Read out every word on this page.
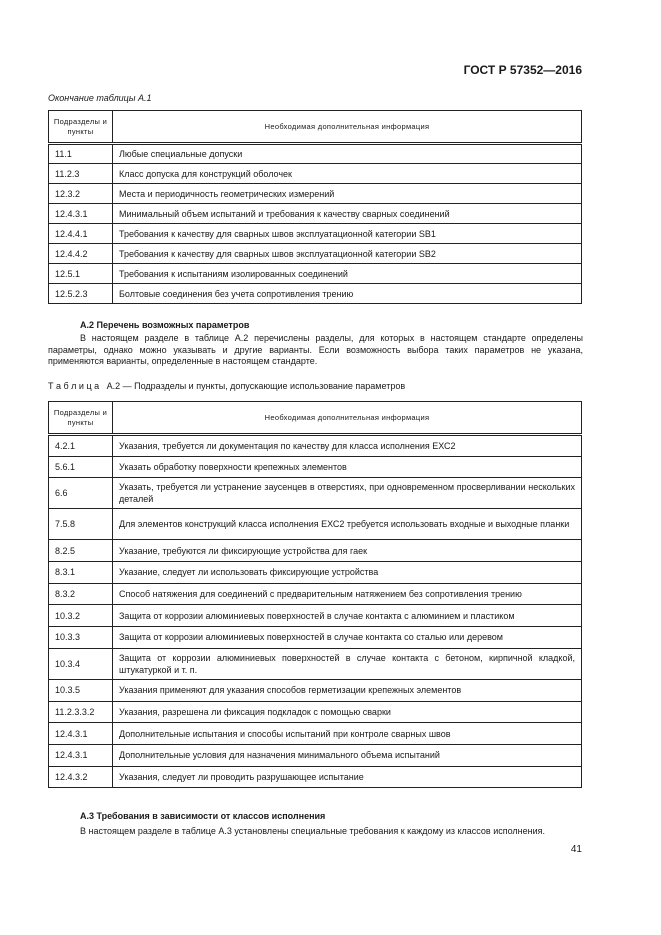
ГОСТ Р 57352—2016
Окончание таблицы А.1
Подразделы и пункты	Необходимая дополнительная информация
11.1	Любые специальные допуски
11.2.3	Класс допуска для конструкций оболочек
12.3.2	Места и периодичность геометрических измерений
12.4.3.1	Минимальный объем испытаний и требования к качеству сварных соединений
12.4.4.1	Требования к качеству для сварных швов эксплуатационной категории SB1
12.4.4.2	Требования к качеству для сварных швов эксплуатационной категории SB2
12.5.1	Требования к испытаниям изолированных соединений
12.5.2.3	Болтовые соединения без учета сопротивления трению
А.2 Перечень возможных параметров
В настоящем разделе в таблице А.2 перечислены разделы, для которых в настоящем стандарте определены параметры, однако можно указывать и другие варианты. Если возможность выбора таких параметров не указана, применяются варианты, определенные в настоящем стандарте.
Т а б л и ц а А.2 — Подразделы и пункты, допускающие использование параметров
Подразделы и пункты	Необходимая дополнительная информация
4.2.1	Указания, требуется ли документация по качеству для класса исполнения ЕХС2
5.6.1	Указать обработку поверхности крепежных элементов
6.6	Указать, требуется ли устранение заусенцев в отверстиях, при одновременном просверливании нескольких деталей
7.5.8	Для элементов конструкций класса исполнения ЕХС2 требуется использовать входные и выходные планки
8.2.5	Указание, требуются ли фиксирующие устройства для гаек
8.3.1	Указание, следует ли использовать фиксирующие устройства
8.3.2	Способ натяжения для соединений с предварительным натяжением без сопротивления трению
10.3.2	Защита от коррозии алюминиевых поверхностей в случае контакта с алюминием и пластиком
10.3.3	Защита от коррозии алюминиевых поверхностей в случае контакта со сталью или деревом
10.3.4	Защита от коррозии алюминиевых поверхностей в случае контакта с бетоном, кирпичной кладкой, штукатуркой и т. п.
10.3.5	Указания применяют для указания способов герметизации крепежных элементов
11.2.3.3.2	Указания, разрешена ли фиксация подкладок с помощью сварки
12.4.3.1	Дополнительные испытания и способы испытаний при контроле сварных швов
12.4.3.1	Дополнительные условия для назначения минимального объема испытаний
12.4.3.2	Указания, следует ли проводить разрушающее испытание
А.3 Требования в зависимости от классов исполнения
В настоящем разделе в таблице А.3 установлены специальные требования к каждому из классов исполнения.
41
